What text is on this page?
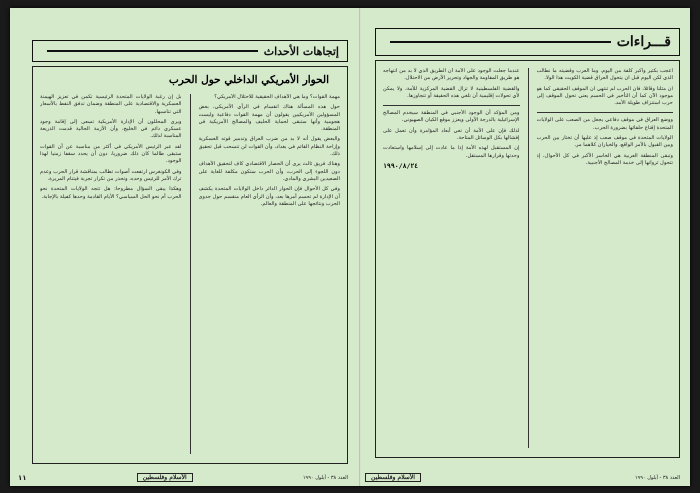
إتجاهات الأحداث
الحوار الأمريكي الداخلي حول الحرب

مهمة القوات؟ وما هي الأهداف الحقيقية للاحتلال الأمريكي؟

حول هذه المسألة هناك انقسام في الرأي الأمريكي، بعض المسؤولين الأمريكيين يقولون أن مهمة القوات دفاعية وليست هجومية وأنها ستبقى لحماية الحليف والمصالح الأمريكية في المنطقة.

والبعض يقول أنه لا بد من ضرب العراق وتدمير قوته العسكرية وإزاحة النظام القائم في بغداد، وأن القوات لن تنسحب قبل تحقيق ذلك.

وهناك فريق ثالث يرى أن الحصار الاقتصادي كاف لتحقيق الأهداف دون اللجوء إلى الحرب، وأن الحرب ستكون مكلفة للغاية على الصعيدين البشري والمادي.

وفي كل الأحوال فإن الحوار الدائر داخل الولايات المتحدة يكشف أن الإدارة لم تحسم أمرها بعد، وأن الرأي العام منقسم حول جدوى الحرب ونتائجها على المنطقة والعالم.

بل إن رغبة الولايات المتحدة الرئيسية تكمن في تعزيز الهيمنة العسكرية والاقتصادية على المنطقة وضمان تدفق النفط بالأسعار التي تناسبها.

ويرى المحللون أن الإدارة الأمريكية تسعى إلى إقامة وجود عسكري دائم في الخليج، وأن الأزمة الحالية قدمت الذريعة المناسبة لذلك.

لقد عبر الرئيس الأمريكي في أكثر من مناسبة عن أن القوات ستبقى طالما كان ذلك ضروريا، دون أن يحدد سقفا زمنيا لهذا الوجود.

وفي الكونغرس ارتفعت أصوات تطالب بمناقشة قرار الحرب وعدم ترك الأمر للرئيس وحده، وتحذر من تكرار تجربة فيتنام المريرة.

وهكذا يبقى السؤال مطروحا: هل تتجه الولايات المتحدة نحو الحرب أم نحو الحل السياسي؟ الأيام القادمة وحدها كفيلة بالإجابة.

العدد ٣٨ - أيلول ١٩٩٠
الأسلام وفلسطين
١١
قـــراءات

اعجب بكثير واكبر كلفة من اليوم. وما العرب وقضيته ما نطالب الذي لكن اليوم قبل ان يتحول العراق قضية الكويت هذا الولا.

ان مثلنا وقائلا، فان الحرب لم تنتهي ان الموقف الحقيقي كما هو موجود الآن كما أن التأخير في الحسم يعني تحول الموقف إلى حرب استنزاف طويلة الأمد.

ووضع العراق في موقف دفاعي يجعل من الصعب على الولايات المتحدة إقناع حلفائها بضرورة الحرب.

الولايات المتحدة في موقف صعب إذ عليها أن تختار بين الحرب وبين القبول بالأمر الواقع، والخياران كلاهما مر.

وتبقى المنطقة العربية هي الخاسر الأكبر في كل الأحوال، إذ تتحول ثرواتها إلى خدمة المصالح الأجنبية.

عندما جعلت الوجود على الأمة أن الطريق الذي لا بد من انتهاجه هو طريق المقاومة والجهاد وتحرير الأرض من الاحتلال.

والقضية الفلسطينية لا تزال القضية المركزية للأمة، ولا يمكن لأي تحولات إقليمية أن تلغي هذه الحقيقة أو تتجاوزها.

ومن المؤكد أن الوجود الأجنبي في المنطقة سيخدم المصالح الإسرائيلية بالدرجة الأولى ويعزز موقع الكيان الصهيوني.

لذلك فإن على الأمة أن تعي أبعاد المؤامرة وأن تعمل على إفشالها بكل الوسائل المتاحة.

إن المستقبل لهذه الأمة إذا ما عادت إلى إسلامها واستعادت وحدتها وقرارها المستقل.

١٩٩٠/٨/٢٤
العدد ٣٨ - أيلول ١٩٩٠
الأسلام وفلسطين
